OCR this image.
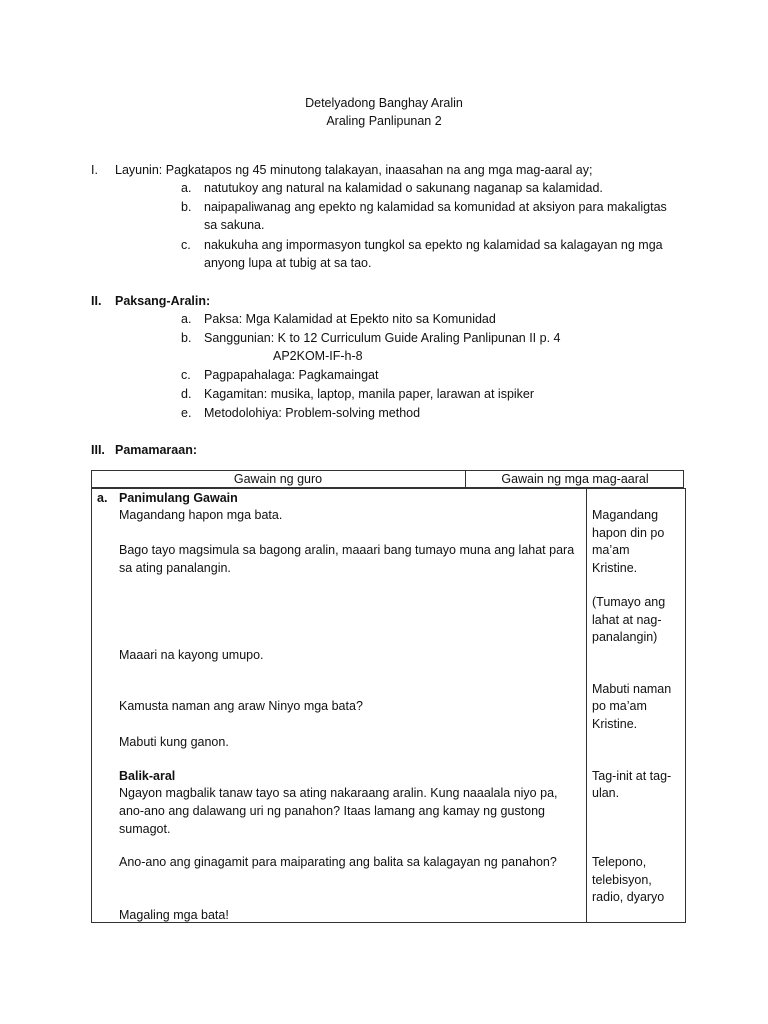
Detelyadong Banghay Aralin
Araling Panlipunan 2
I. Layunin: Pagkatapos ng 45 minutong talakayan, inaasahan na ang mga mag-aaral ay;
a. natutukoy ang natural na kalamidad o sakunang naganap sa kalamidad.
b. naipapaliwanag ang epekto ng kalamidad sa komunidad at aksiyon para makaligtas
sa sakuna.
c. nakukuha ang impormasyon tungkol sa epekto ng kalamidad sa kalagayan ng mga
anyong lupa at tubig at sa tao.
II. Paksang-Aralin:
a. Paksa: Mga Kalamidad at Epekto nito sa Komunidad
b. Sanggunian: K to 12 Curriculum Guide Araling Panlipunan II p. 4
AP2KOM-IF-h-8
c. Pagpapahalaga: Pagkamaingat
d. Kagamitan: musika, laptop, manila paper, larawan at ispiker
e. Metodolohiya: Problem-solving method
III. Pamamaraan:
Gawain ng guro	Gawain ng mga mag-aaral
a. Panimulang Gawain
Magandang hapon mga bata.
Bago tayo magsimula sa bagong aralin, maaari bang tumayo muna ang lahat para
sa ating panalangin.
Maaari na kayong umupo.
Kamusta naman ang araw Ninyo mga bata?
Mabuti kung ganon.
Balik-aral
Ngayon magbalik tanaw tayo sa ating nakaraang aralin. Kung naaalala niyo pa,
ano-ano ang dalawang uri ng panahon? Itaas lamang ang kamay ng gustong
sumagot.
Ano-ano ang ginagamit para maiparating ang balita sa kalagayan ng panahon?
Magaling mga bata!
Magandang
hapon din po
ma’am
Kristine.
(Tumayo ang
lahat at nag-
panalangin)
Mabuti naman
po ma’am
Kristine.
Tag-init at tag-
ulan.
Telepono,
telebisyon,
radio, dyaryo
